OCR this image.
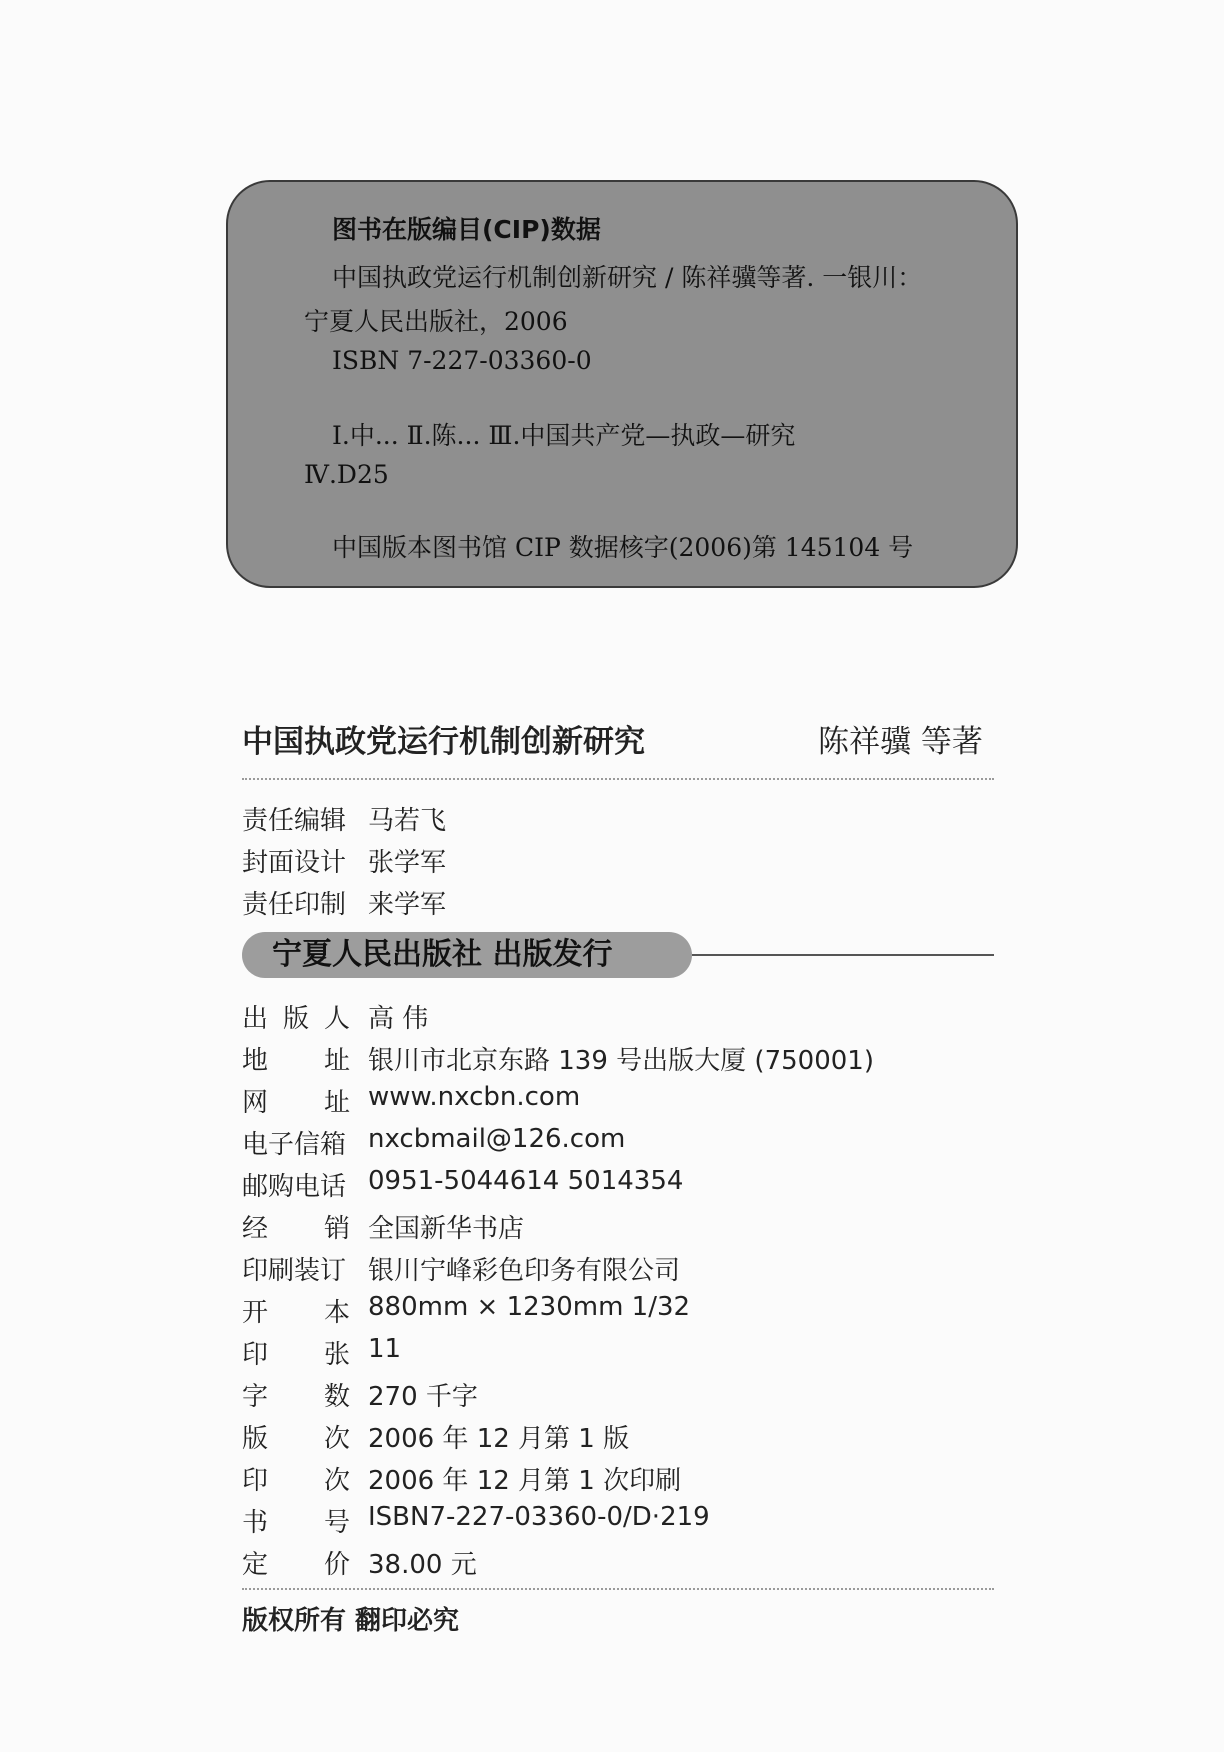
图书在版编目(CIP)数据
中国执政党运行机制创新研究 / 陈祥骥等著. 一银川：
宁夏人民出版社，2006
ISBN 7-227-03360-0
Ⅰ.中... Ⅱ.陈... Ⅲ.中国共产党—执政—研究
Ⅳ.D25
中国版本图书馆 CIP 数据核字(2006)第 145104 号
中国执政党运行机制创新研究	陈祥骥 等著
责任编辑 马若飞
封面设计 张学军
责任印制 来学军
宁夏人民出版社 出版发行
出 版 人 高 伟
地 址 银川市北京东路 139 号出版大厦 (750001)
网 址 www.nxcbn.com
电子信箱 nxcbmail@126.com
邮购电话 0951-5044614 5014354
经 销 全国新华书店
印刷装订 银川宁峰彩色印务有限公司
开 本 880mm × 1230mm 1/32
印 张 11
字 数 270 千字
版 次 2006 年 12 月第 1 版
印 次 2006 年 12 月第 1 次印刷
书 号 ISBN7-227-03360-0/D·219
定 价 38.00 元
版权所有 翻印必究
